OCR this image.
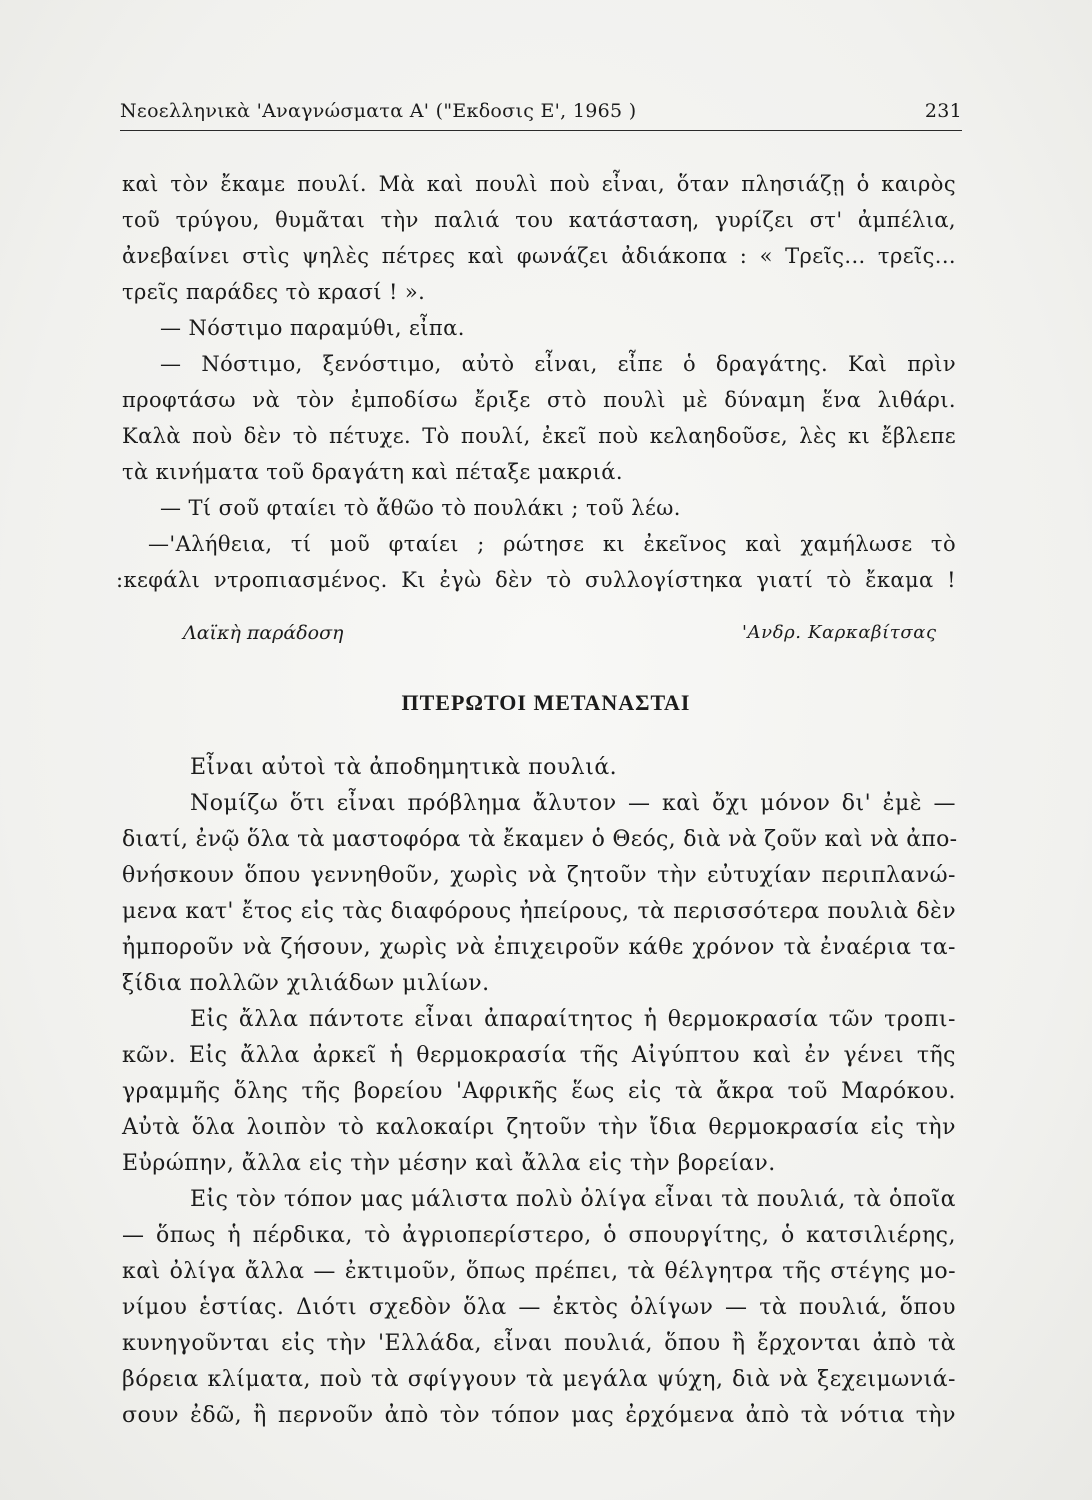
Νεοελληνικὰ 'Αναγνώσματα Α' ("Εκδοσις Ε', 1965 )	231
καὶ τὸν ἔκαμε πουλί. Μὰ καὶ πουλὶ ποὺ εἶναι, ὅταν πλησιάζῃ ὁ καιρὸς
τοῦ τρύγου, θυμᾶται τὴν παλιά του κατάσταση, γυρίζει στ' ἀμπέλια,
ἀνεβαίνει στὶς ψηλὲς πέτρες καὶ φωνάζει ἀδιάκοπα : « Τρεῖς... τρεῖς...
τρεῖς παράδες τὸ κρασί ! ».
— Νόστιμο παραμύθι, εἶπα.
— Νόστιμο, ξενόστιμο, αὐτὸ εἶναι, εἶπε ὁ δραγάτης. Καὶ πρὶν
προφτάσω νὰ τὸν ἐμποδίσω ἔριξε στὸ πουλὶ μὲ δύναμη ἕνα λιθάρι.
Καλὰ ποὺ δὲν τὸ πέτυχε. Τὸ πουλί, ἐκεῖ ποὺ κελαηδοῦσε, λὲς κι ἔβλεπε
τὰ κινήματα τοῦ δραγάτη καὶ πέταξε μακριά.
— Τί σοῦ φταίει τὸ ἄθῶο τὸ πουλάκι ; τοῦ λέω.
—'Αλήθεια, τί μοῦ φταίει ; ρώτησε κι ἐκεῖνος καὶ χαμήλωσε τὸ
:κεφάλι ντροπιασμένος. Κι ἐγὼ δὲν τὸ συλλογίστηκα γιατί τὸ ἔκαμα !
Λαϊκὴ παράδοση	'Ανδρ. Καρκαβίτσας
ΠΤΕΡΩΤΟΙ ΜΕΤΑΝΑΣΤΑΙ
Εἶναι αὐτοὶ τὰ ἀποδημητικὰ πουλιά.
Νομίζω ὅτι εἶναι πρόβλημα ἄλυτον — καὶ ὄχι μόνον δι' ἐμὲ —
διατί, ἐνῷ ὅλα τὰ μαστοφόρα τὰ ἔκαμεν ὁ Θεός, διὰ νὰ ζοῦν καὶ νὰ ἀπο-
θνήσκουν ὅπου γεννηθοῦν, χωρὶς νὰ ζητοῦν τὴν εὐτυχίαν περιπλανώ-
μενα κατ' ἔτος εἰς τὰς διαφόρους ἠπείρους, τὰ περισσότερα πουλιὰ δὲν
ἠμποροῦν νὰ ζήσουν, χωρὶς νὰ ἐπιχειροῦν κάθε χρόνον τὰ ἐναέρια τα-
ξίδια πολλῶν χιλιάδων μιλίων.
Εἰς ἄλλα πάντοτε εἶναι ἀπαραίτητος ἡ θερμοκρασία τῶν τροπι-
κῶν. Εἰς ἄλλα ἀρκεῖ ἡ θερμοκρασία τῆς Αἰγύπτου καὶ ἐν γένει τῆς
γραμμῆς ὅλης τῆς βορείου 'Αφρικῆς ἕως εἰς τὰ ἄκρα τοῦ Μαρόκου.
Αὐτὰ ὅλα λοιπὸν τὸ καλοκαίρι ζητοῦν τὴν ἴδια θερμοκρασία εἰς τὴν
Εὐρώπην, ἄλλα εἰς τὴν μέσην καὶ ἄλλα εἰς τὴν βορείαν.
Εἰς τὸν τόπον μας μάλιστα πολὺ ὀλίγα εἶναι τὰ πουλιά, τὰ ὁποῖα
— ὅπως ἡ πέρδικα, τὸ ἀγριοπερίστερο, ὁ σπουργίτης, ὁ κατσιλιέρης,
καὶ ὀλίγα ἄλλα — ἐκτιμοῦν, ὅπως πρέπει, τὰ θέλγητρα τῆς στέγης μο-
νίμου ἑστίας. Διότι σχεδὸν ὅλα — ἐκτὸς ὀλίγων — τὰ πουλιά, ὅπου
κυνηγοῦνται εἰς τὴν 'Ελλάδα, εἶναι πουλιά, ὅπου ἢ ἔρχονται ἀπὸ τὰ
βόρεια κλίματα, ποὺ τὰ σφίγγουν τὰ μεγάλα ψύχη, διὰ νὰ ξεχειμωνιά-
σουν ἐδῶ, ἢ περνοῦν ἀπὸ τὸν τόπον μας ἐρχόμενα ἀπὸ τὰ νότια τὴν
